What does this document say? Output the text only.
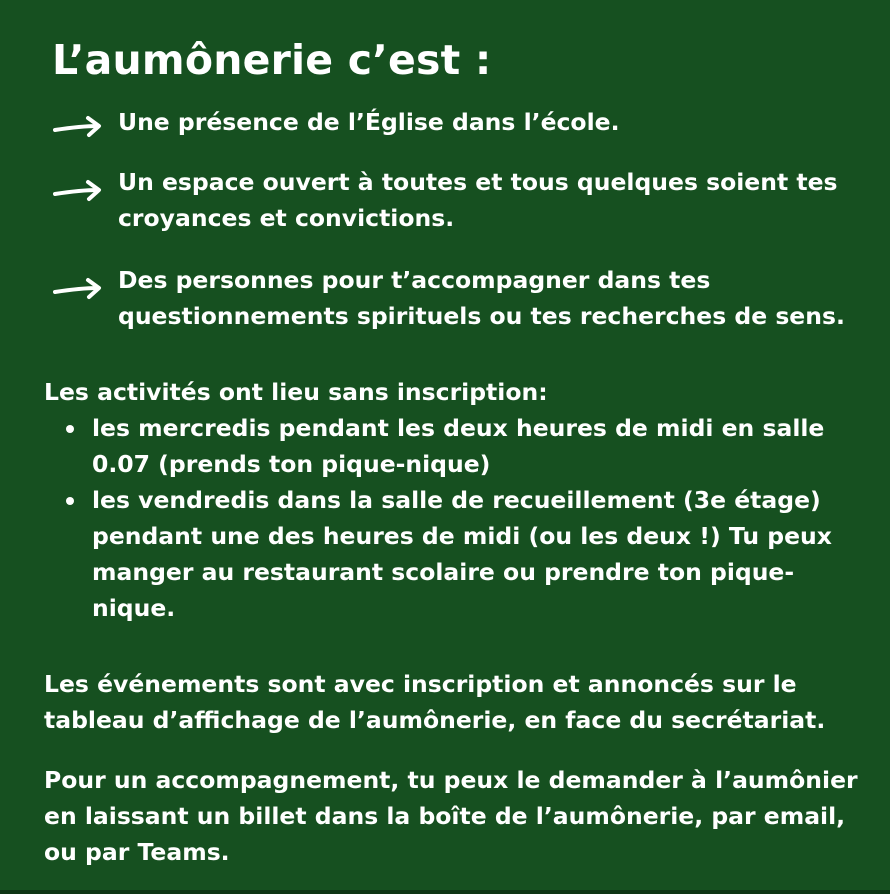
L’aumônerie c’est :
Une présence de l’Église dans l’école.
Un espace ouvert à toutes et tous quelques soient tes croyances et convictions.
Des personnes pour t’accompagner dans tes questionnements spirituels ou tes recherches de sens.
Les activités ont lieu sans inscription:
les mercredis pendant les deux heures de midi en salle 0.07 (prends ton pique-nique)
les vendredis dans la salle de recueillement (3e étage) pendant une des heures de midi (ou les deux !) Tu peux manger au restaurant scolaire ou prendre ton pique-nique.
Les événements sont avec inscription et annoncés sur le tableau d’affichage de l’aumônerie, en face du secrétariat.
Pour un accompagnement, tu peux le demander à l’aumônier en laissant un billet dans la boîte de l’aumônerie, par email, ou par Teams.
